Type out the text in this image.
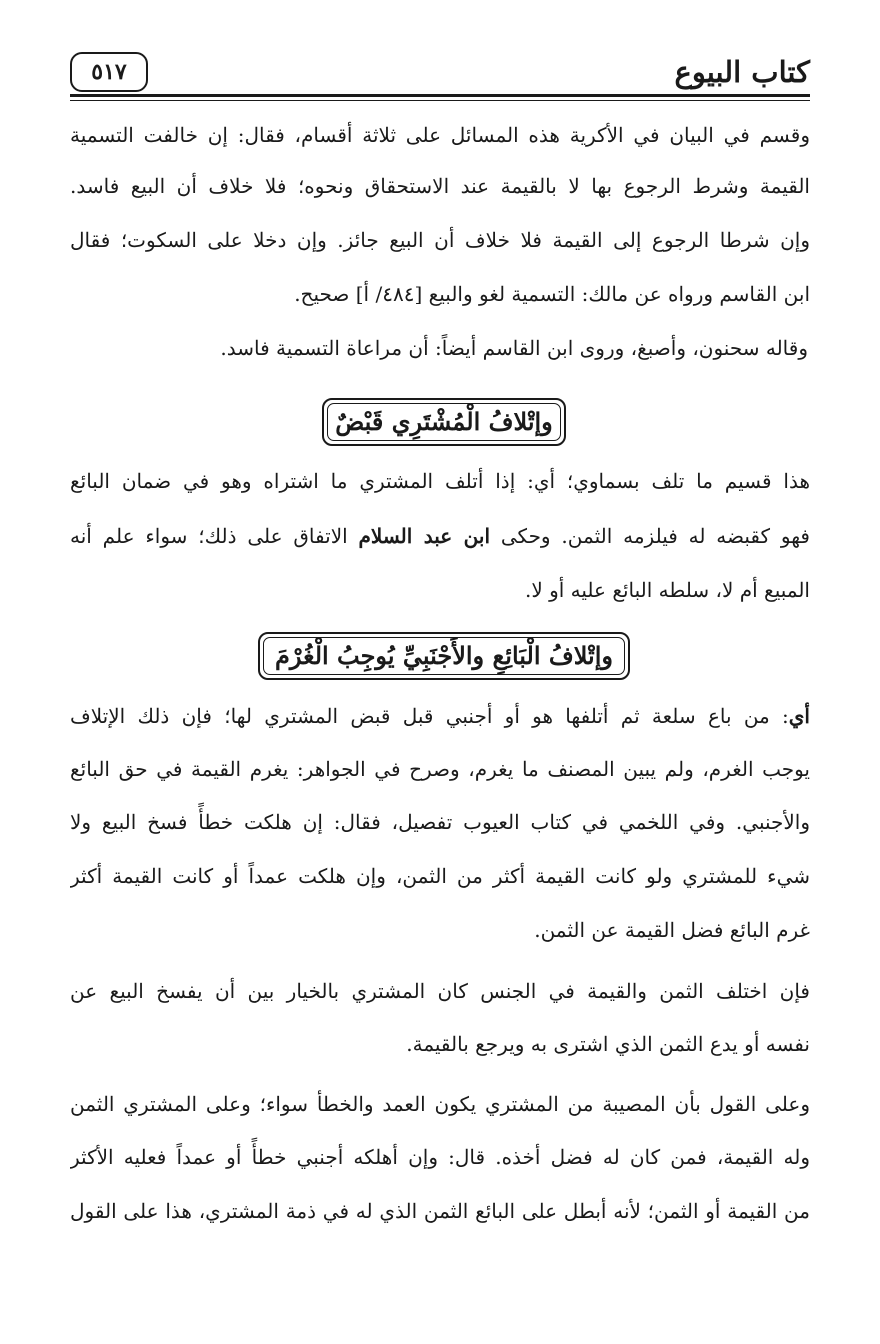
كتاب البيوع
٥١٧
وقسم في البيان في الأكرية هذه المسائل على ثلاثة أقسام، فقال: إن خالفت التسمية
القيمة وشرط الرجوع بها لا بالقيمة عند الاستحقاق ونحوه؛ فلا خلاف أن البيع فاسد.
وإن شرطا الرجوع إلى القيمة فلا خلاف أن البيع جائز. وإن دخلا على السكوت؛ فقال
ابن القاسم ورواه عن مالك: التسمية لغو والبيع [٤٨٤/ أ] صحيح.
وقاله سحنون، وأصبغ، وروى ابن القاسم أيضاً: أن مراعاة التسمية فاسد.
وإتْلافُ الْمُشْتَرِي قَبْضٌ
هذا قسيم ما تلف بسماوي؛ أي: إذا أتلف المشتري ما اشتراه وهو في ضمان البائع
فهو كقبضه له فيلزمه الثمن. وحكى ابن عبد السلام الاتفاق على ذلك؛ سواء علم أنه
المبيع أم لا، سلطه البائع عليه أو لا.
وإتْلافُ الْبَائِعِ والأَجْنَبِيِّ يُوجِبُ الْغُرْمَ
أي: من باع سلعة ثم أتلفها هو أو أجنبي قبل قبض المشتري لها؛ فإن ذلك الإتلاف
يوجب الغرم، ولم يبين المصنف ما يغرم، وصرح في الجواهر: يغرم القيمة في حق البائع
والأجنبي. وفي اللخمي في كتاب العيوب تفصيل، فقال: إن هلكت خطأً فسخ البيع ولا
شيء للمشتري ولو كانت القيمة أكثر من الثمن، وإن هلكت عمداً أو كانت القيمة أكثر
غرم البائع فضل القيمة عن الثمن.
فإن اختلف الثمن والقيمة في الجنس كان المشتري بالخيار بين أن يفسخ البيع عن
نفسه أو يدع الثمن الذي اشترى به ويرجع بالقيمة.
وعلى القول بأن المصيبة من المشتري يكون العمد والخطأ سواء؛ وعلى المشتري الثمن
وله القيمة، فمن كان له فضل أخذه. قال: وإن أهلكه أجنبي خطأً أو عمداً فعليه الأكثر
من القيمة أو الثمن؛ لأنه أبطل على البائع الثمن الذي له في ذمة المشتري، هذا على القول
